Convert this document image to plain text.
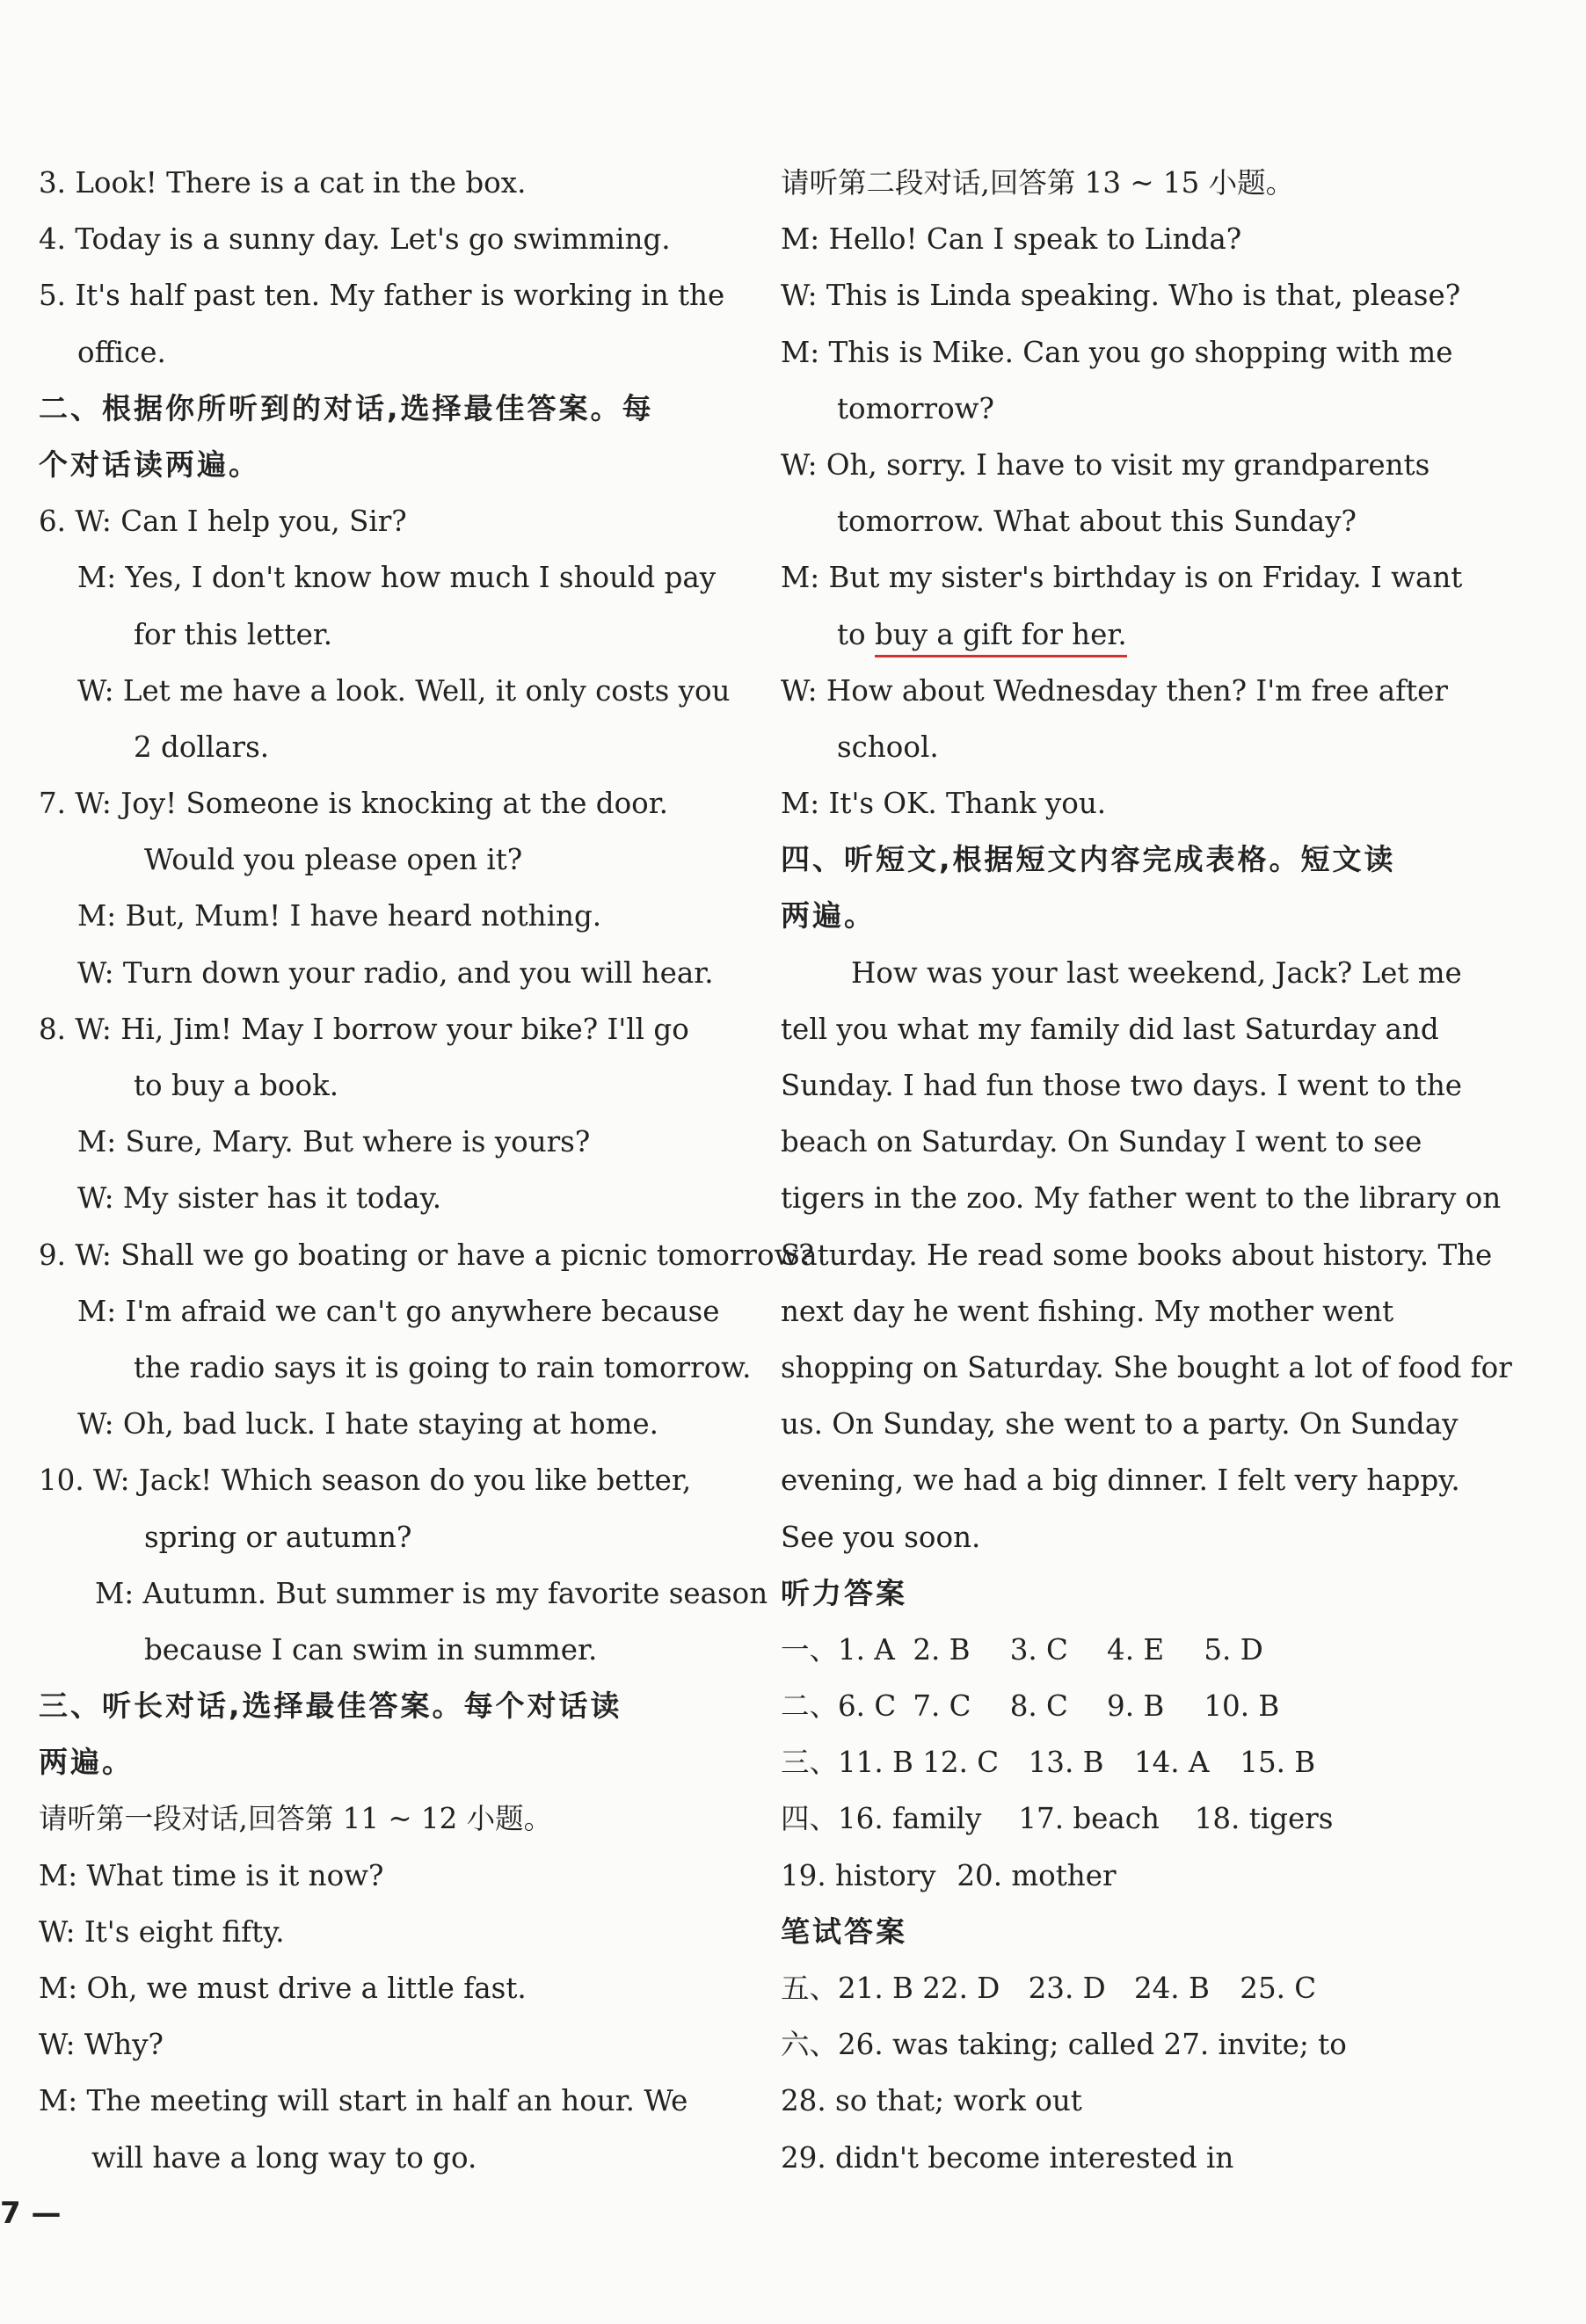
3. Look! There is a cat in the box.
4. Today is a sunny day. Let's go swimming.
5. It's half past ten. My father is working in the
office.
二、根据你所听到的对话,选择最佳答案。每
个对话读两遍。
6. W: Can I help you, Sir?
M: Yes, I don't know how much I should pay
for this letter.
W: Let me have a look. Well, it only costs you
2 dollars.
7. W: Joy! Someone is knocking at the door.
Would you please open it?
M: But, Mum! I have heard nothing.
W: Turn down your radio, and you will hear.
8. W: Hi, Jim! May I borrow your bike? I'll go
to buy a book.
M: Sure, Mary. But where is yours?
W: My sister has it today.
9. W: Shall we go boating or have a picnic tomorrow?
M: I'm afraid we can't go anywhere because
the radio says it is going to rain tomorrow.
W: Oh, bad luck. I hate staying at home.
10. W: Jack! Which season do you like better,
spring or autumn?
M: Autumn. But summer is my favorite season
because I can swim in summer.
三、听长对话,选择最佳答案。每个对话读
两遍。
请听第一段对话,回答第 11 ~ 12 小题。
M: What time is it now?
W: It's eight fifty.
M: Oh, we must drive a little fast.
W: Why?
M: The meeting will start in half an hour. We
will have a long way to go.
请听第二段对话,回答第 13 ~ 15 小题。
M: Hello! Can I speak to Linda?
W: This is Linda speaking. Who is that, please?
M: This is Mike. Can you go shopping with me
tomorrow?
W: Oh, sorry. I have to visit my grandparents
tomorrow. What about this Sunday?
M: But my sister's birthday is on Friday. I want
to buy a gift for her.
W: How about Wednesday then? I'm free after
school.
M: It's OK. Thank you.
四、听短文,根据短文内容完成表格。短文读
两遍。
How was your last weekend, Jack? Let me
tell you what my family did last Saturday and
Sunday. I had fun those two days. I went to the
beach on Saturday. On Sunday I went to see
tigers in the zoo. My father went to the library on
Saturday. He read some books about history. The
next day he went fishing. My mother went
shopping on Saturday. She bought a lot of food for
us. On Sunday, she went to a party. On Sunday
evening, we had a big dinner. I felt very happy.
See you soon.
听力答案
一、1. A 2. B 3. C 4. E 5. D
二、6. C 7. C 8. C 9. B 10. B
三、11. B 12. C 13. B 14. A 15. B
四、16. family 17. beach 18. tigers
19. history 20. mother
笔试答案
五、21. B 22. D 23. D 24. B 25. C
六、26. was taking; called 27. invite; to
28. so that; work out
29. didn't become interested in
7 —
